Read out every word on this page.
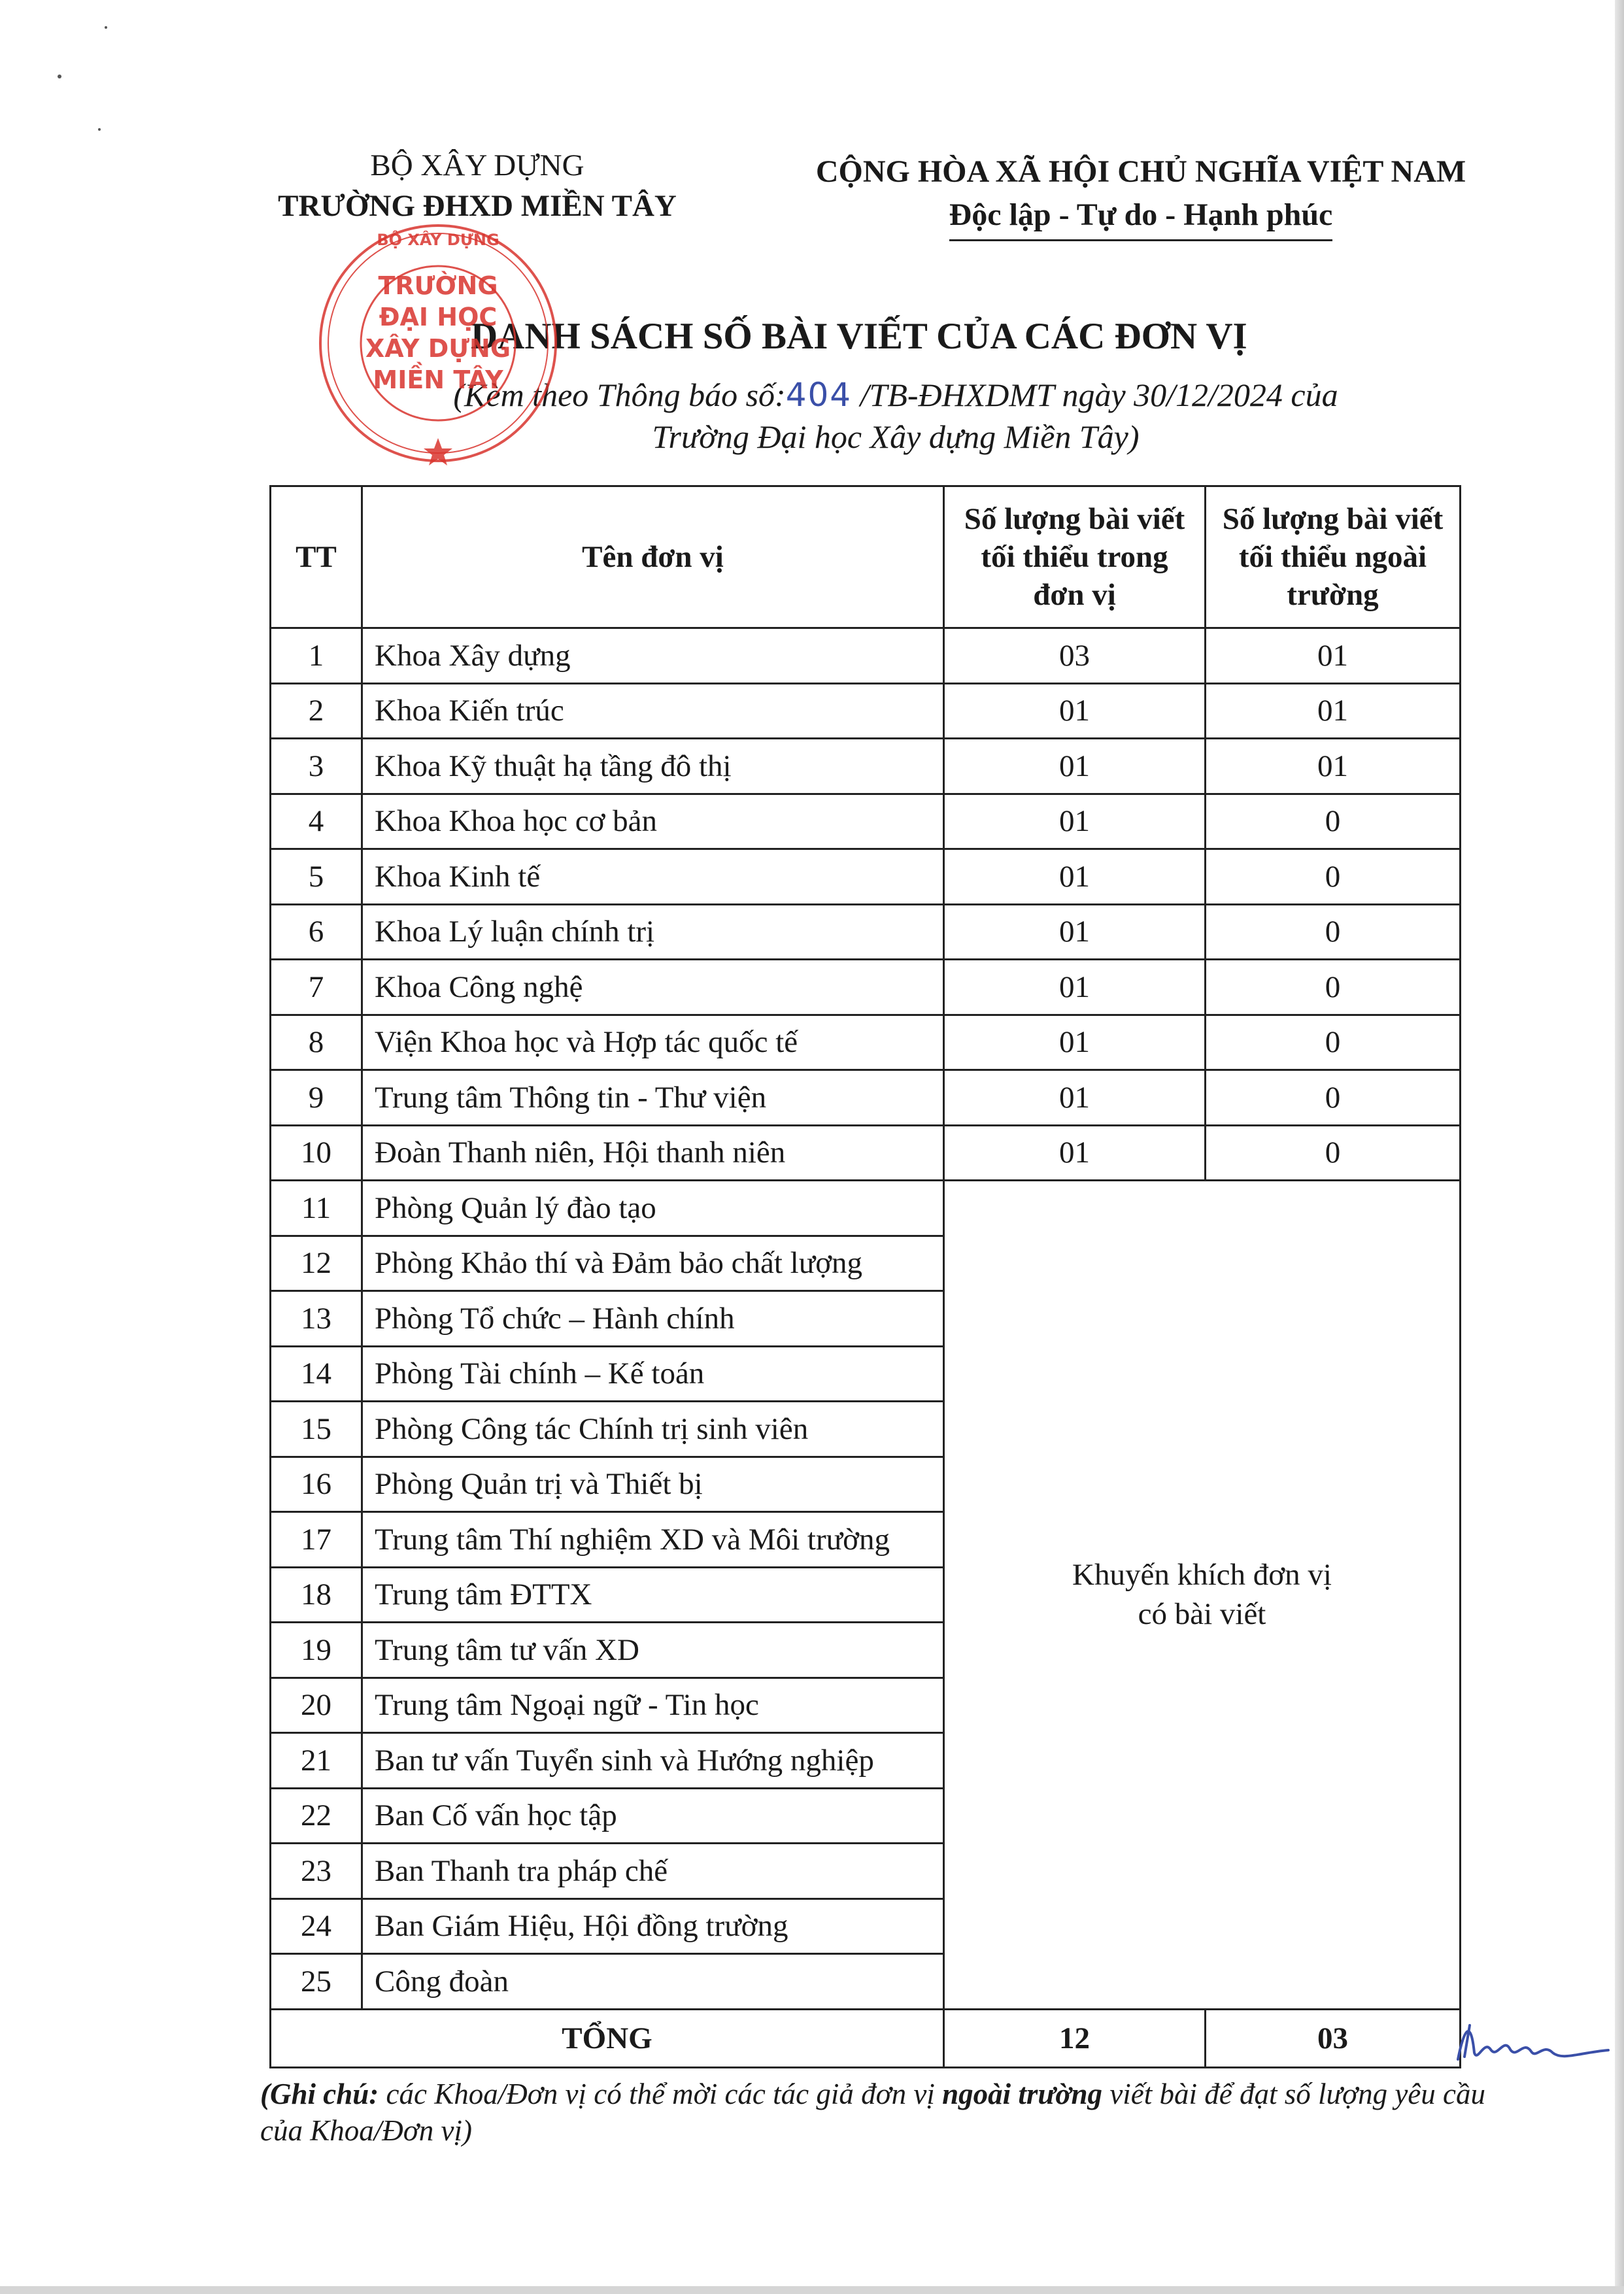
BỘ XÂY DỰNG
TRƯỜNG ĐHXD MIỀN TÂY
CỘNG HÒA XÃ HỘI CHỦ NGHĨA VIỆT NAM
Độc lập - Tự do - Hạnh phúc
DANH SÁCH SỐ BÀI VIẾT CỦA CÁC ĐƠN VỊ
(Kèm theo Thông báo số:404 /TB-ĐHXDMT ngày 30/12/2024 của
Trường Đại học Xây dựng Miền Tây)
TRƯỜNG
ĐẠI HỌC
XÂY DỰNG
MIỀN TÂY
BỘ XÂY DỰNG
TT	Tên đơn vị	Số lượng bài viết tối thiểu trong đơn vị	Số lượng bài viết tối thiểu ngoài trường
1	Khoa Xây dựng	03	01
2	Khoa Kiến trúc	01	01
3	Khoa Kỹ thuật hạ tầng đô thị	01	01
4	Khoa Khoa học cơ bản	01	0
5	Khoa Kinh tế	01	0
6	Khoa Lý luận chính trị	01	0
7	Khoa Công nghệ	01	0
8	Viện Khoa học và Hợp tác quốc tế	01	0
9	Trung tâm Thông tin - Thư viện	01	0
10	Đoàn Thanh niên, Hội thanh niên	01	0
11	Phòng Quản lý đào tạo	Khuyến khích đơn vị
có bài viết	
12	Phòng Khảo thí và Đảm bảo chất lượng		
13	Phòng Tổ chức – Hành chính		
14	Phòng Tài chính – Kế toán		
15	Phòng Công tác Chính trị sinh viên		
16	Phòng Quản trị và Thiết bị		
17	Trung tâm Thí nghiệm XD và Môi trường		
18	Trung tâm ĐTTX		
19	Trung tâm tư vấn XD		
20	Trung tâm Ngoại ngữ - Tin học		
21	Ban tư vấn Tuyển sinh và Hướng nghiệp		
22	Ban Cố vấn học tập		
23	Ban Thanh tra pháp chế		
24	Ban Giám Hiệu, Hội đồng trường		
25	Công đoàn		
TỔNG		12	03
(Ghi chú: các Khoa/Đơn vị có thể mời các tác giả đơn vị ngoài trường viết bài để đạt số lượng yêu cầu của Khoa/Đơn vị)
